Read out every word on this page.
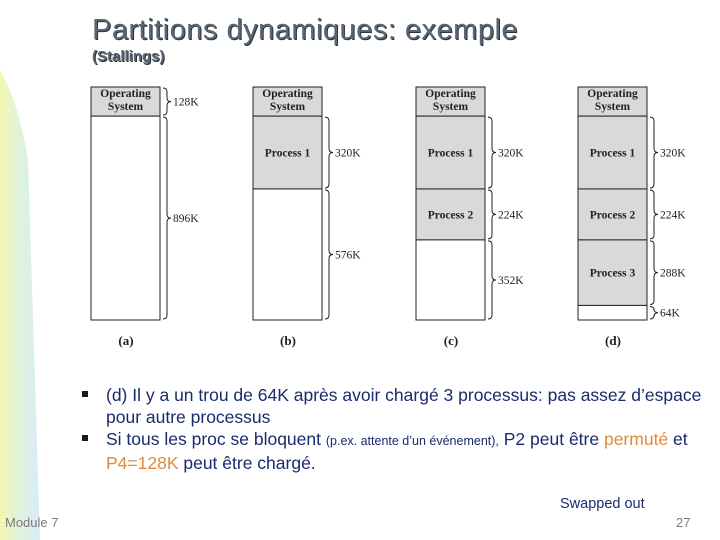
Partitions dynamiques: exemple
(Stallings)
Operating
System	128K
896K
(a)
Operating
System
Process 1 320K
576K
(b)
Operating
System
Process 1 320K
Process 2 224K
352K
(c)
Operating
System
Process 1 320K
Process 2 224K
Process 3 288K
64K
(d)
(d) Il y a un trou de 64K après avoir chargé 3 processus: pas assez d’espace pour autre processus
Si tous les proc se bloquent (p.ex. attente d’un événement), P2 peut être permuté et P4=128K peut être chargé.
Swapped out
Module 7	27
